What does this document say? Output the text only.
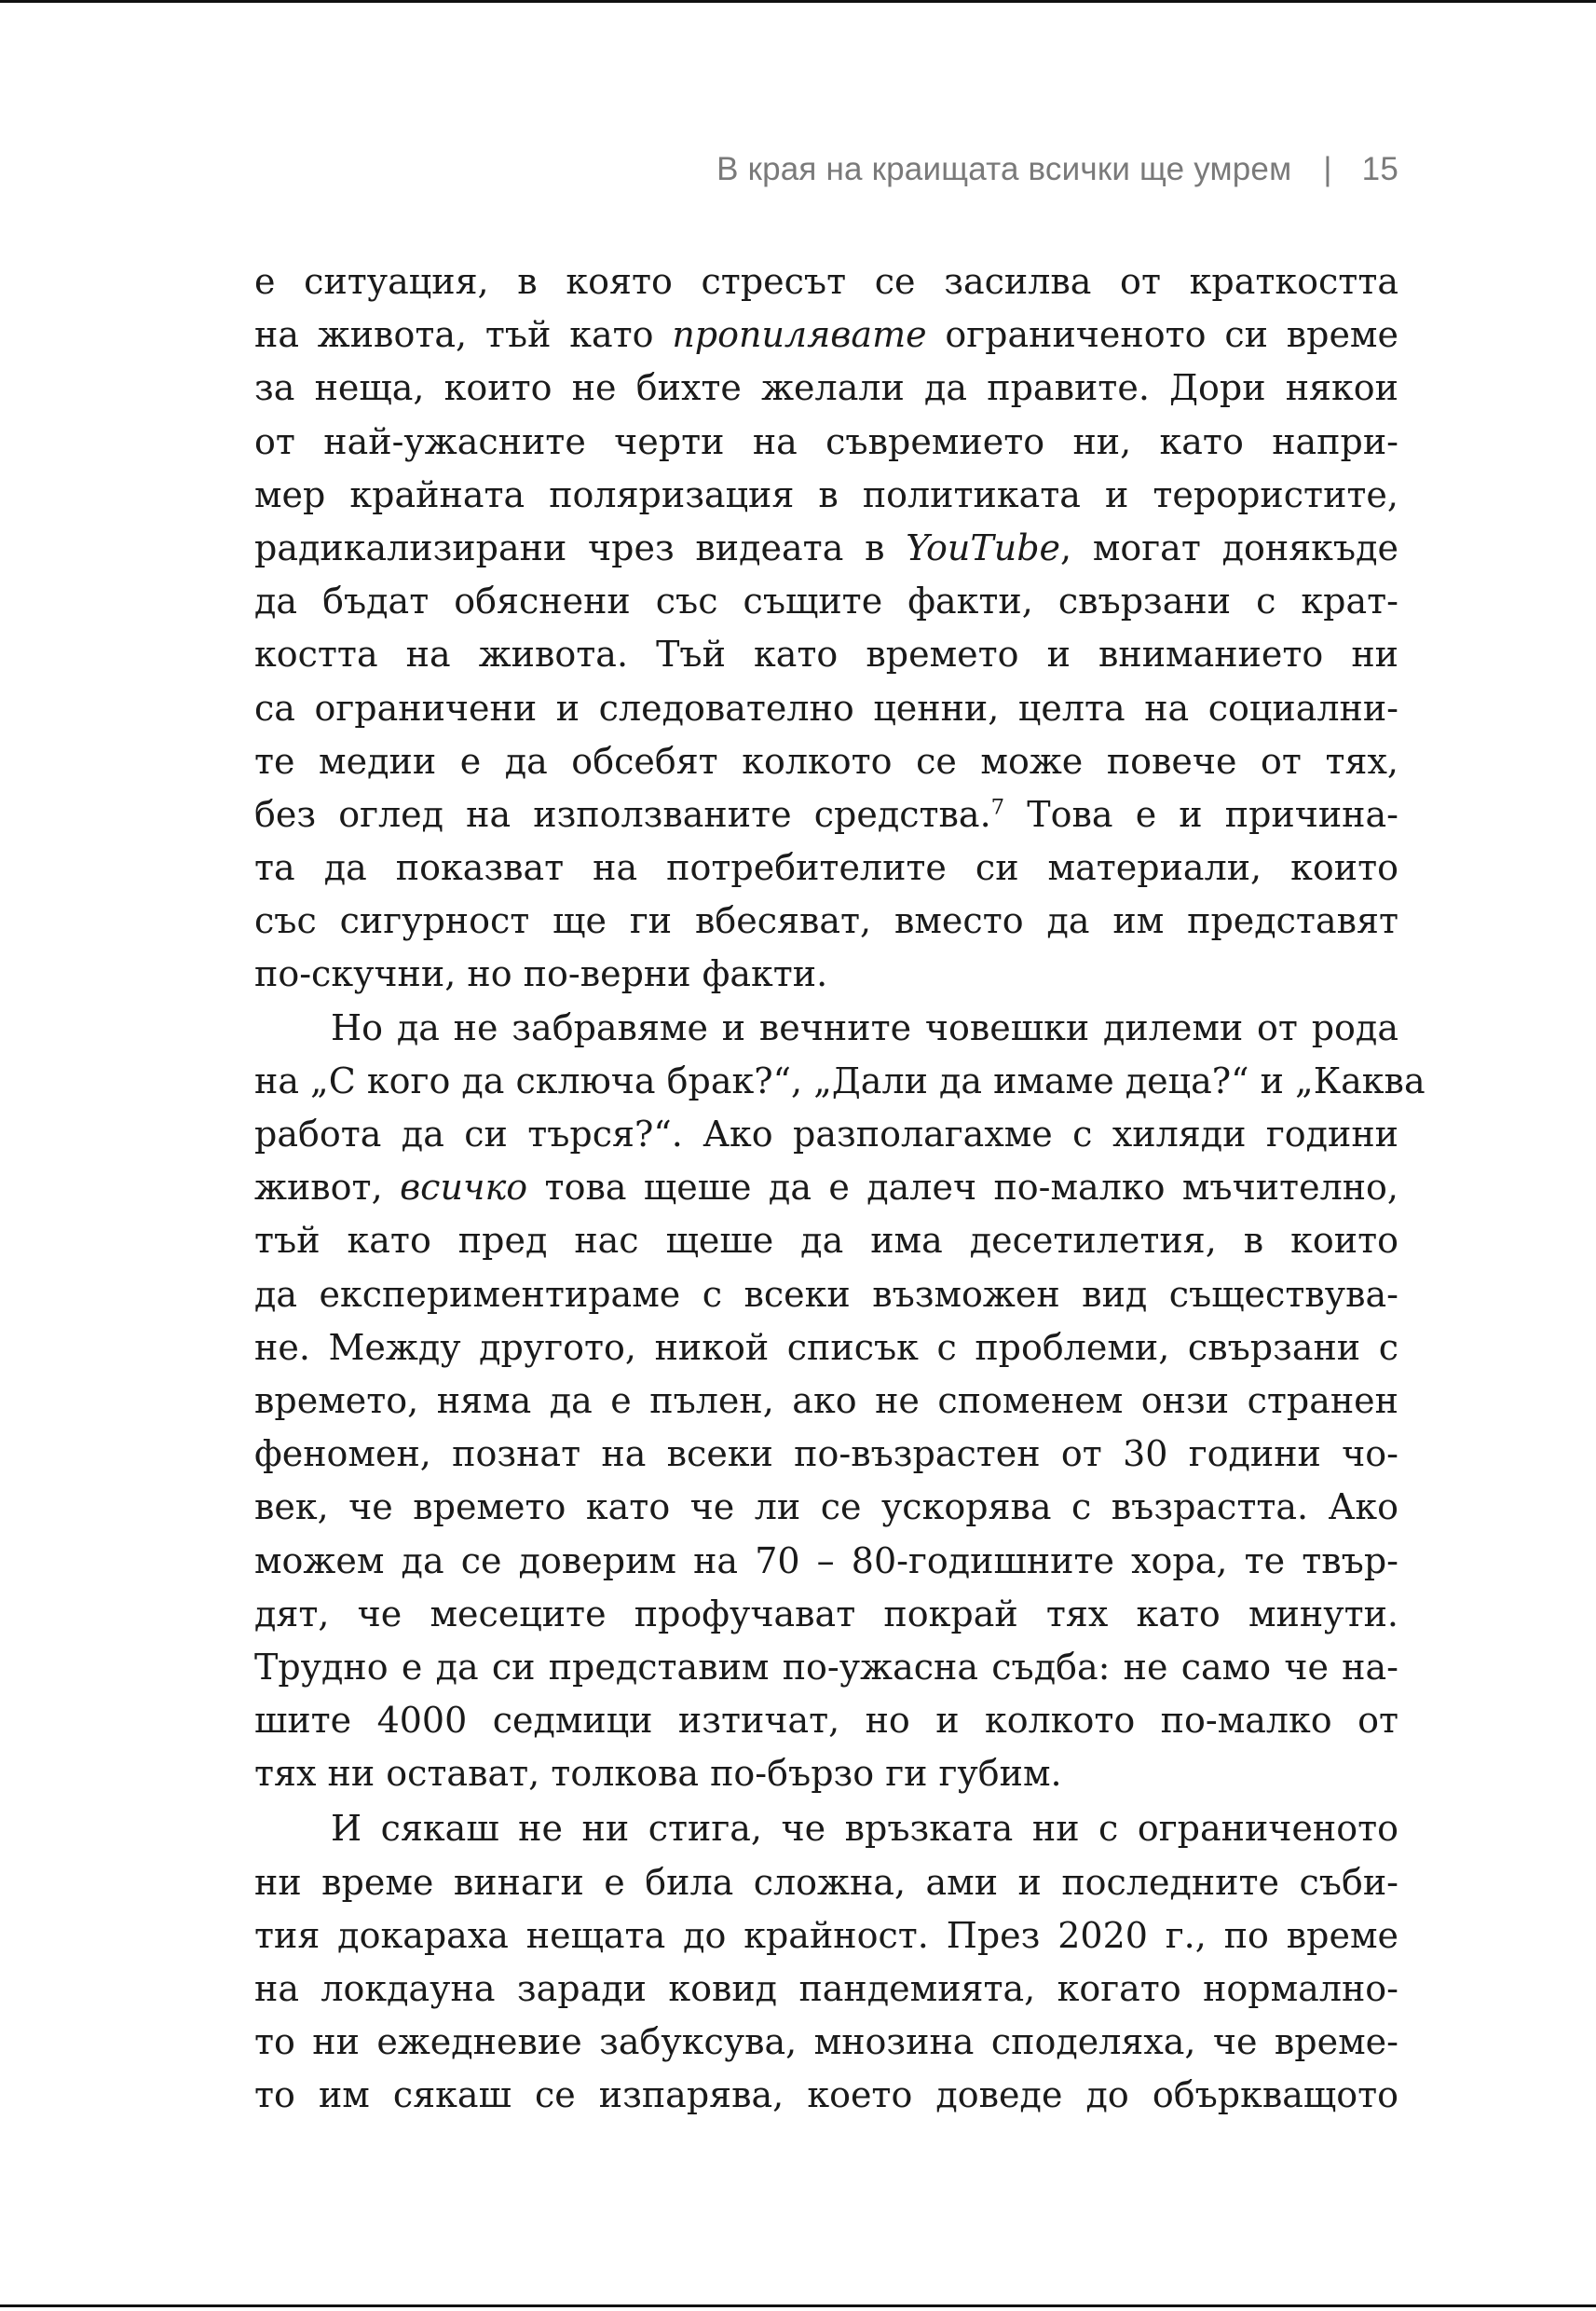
В края на краищата всички ще умрем | 15
е ситуация, в която стресът се засилва от краткостта
на живота, тъй като пропилявате ограниченото си време
за неща, които не бихте желали да правите. Дори някои
от най-ужасните черти на съвремието ни, като напри-
мер крайната поляризация в политиката и терористите,
радикализирани чрез видеата в YouTube, могат донякъде
да бъдат обяснени със същите факти, свързани с крат-
костта на живота. Тъй като времето и вниманието ни
са ограничени и следователно ценни, целта на социални-
те медии е да обсебят колкото се може повече от тях,
без оглед на използваните средства.$^7$ Това е и причина-
та да показват на потребителите си материали, които
със сигурност ще ги вбесяват, вместо да им представят
по-скучни, но по-верни факти.
Но да не забравяме и вечните човешки дилеми от рода
на „С кого да сключа брак?“, „Дали да имаме деца?“ и „Каква
работа да си търся?“. Ако разполагахме с хиляди години
живот, всичко това щеше да е далеч по-малко мъчително,
тъй като пред нас щеше да има десетилетия, в които
да експериментираме с всеки възможен вид съществува-
не. Между другото, никой списък с проблеми, свързани с
времето, няма да е пълен, ако не споменем онзи странен
феномен, познат на всеки по-възрастен от 30 години чо-
век, че времето като че ли се ускорява с възрастта. Ако
можем да се доверим на 70 – 80-годишните хора, те твър-
дят, че месеците профучават покрай тях като минути.
Трудно е да си представим по-ужасна съдба: не само че на-
шите 4000 седмици изтичат, но и колкото по-малко от
тях ни остават, толкова по-бързо ги губим.
И сякаш не ни стига, че връзката ни с ограниченото
ни време винаги е била сложна, ами и последните съби-
тия докараха нещата до крайност. През 2020 г., по време
на локдауна заради ковид пандемията, когато нормално-
то ни ежедневие забуксува, мнозина споделяха, че време-
то им сякаш се изпарява, което доведе до объркващото
